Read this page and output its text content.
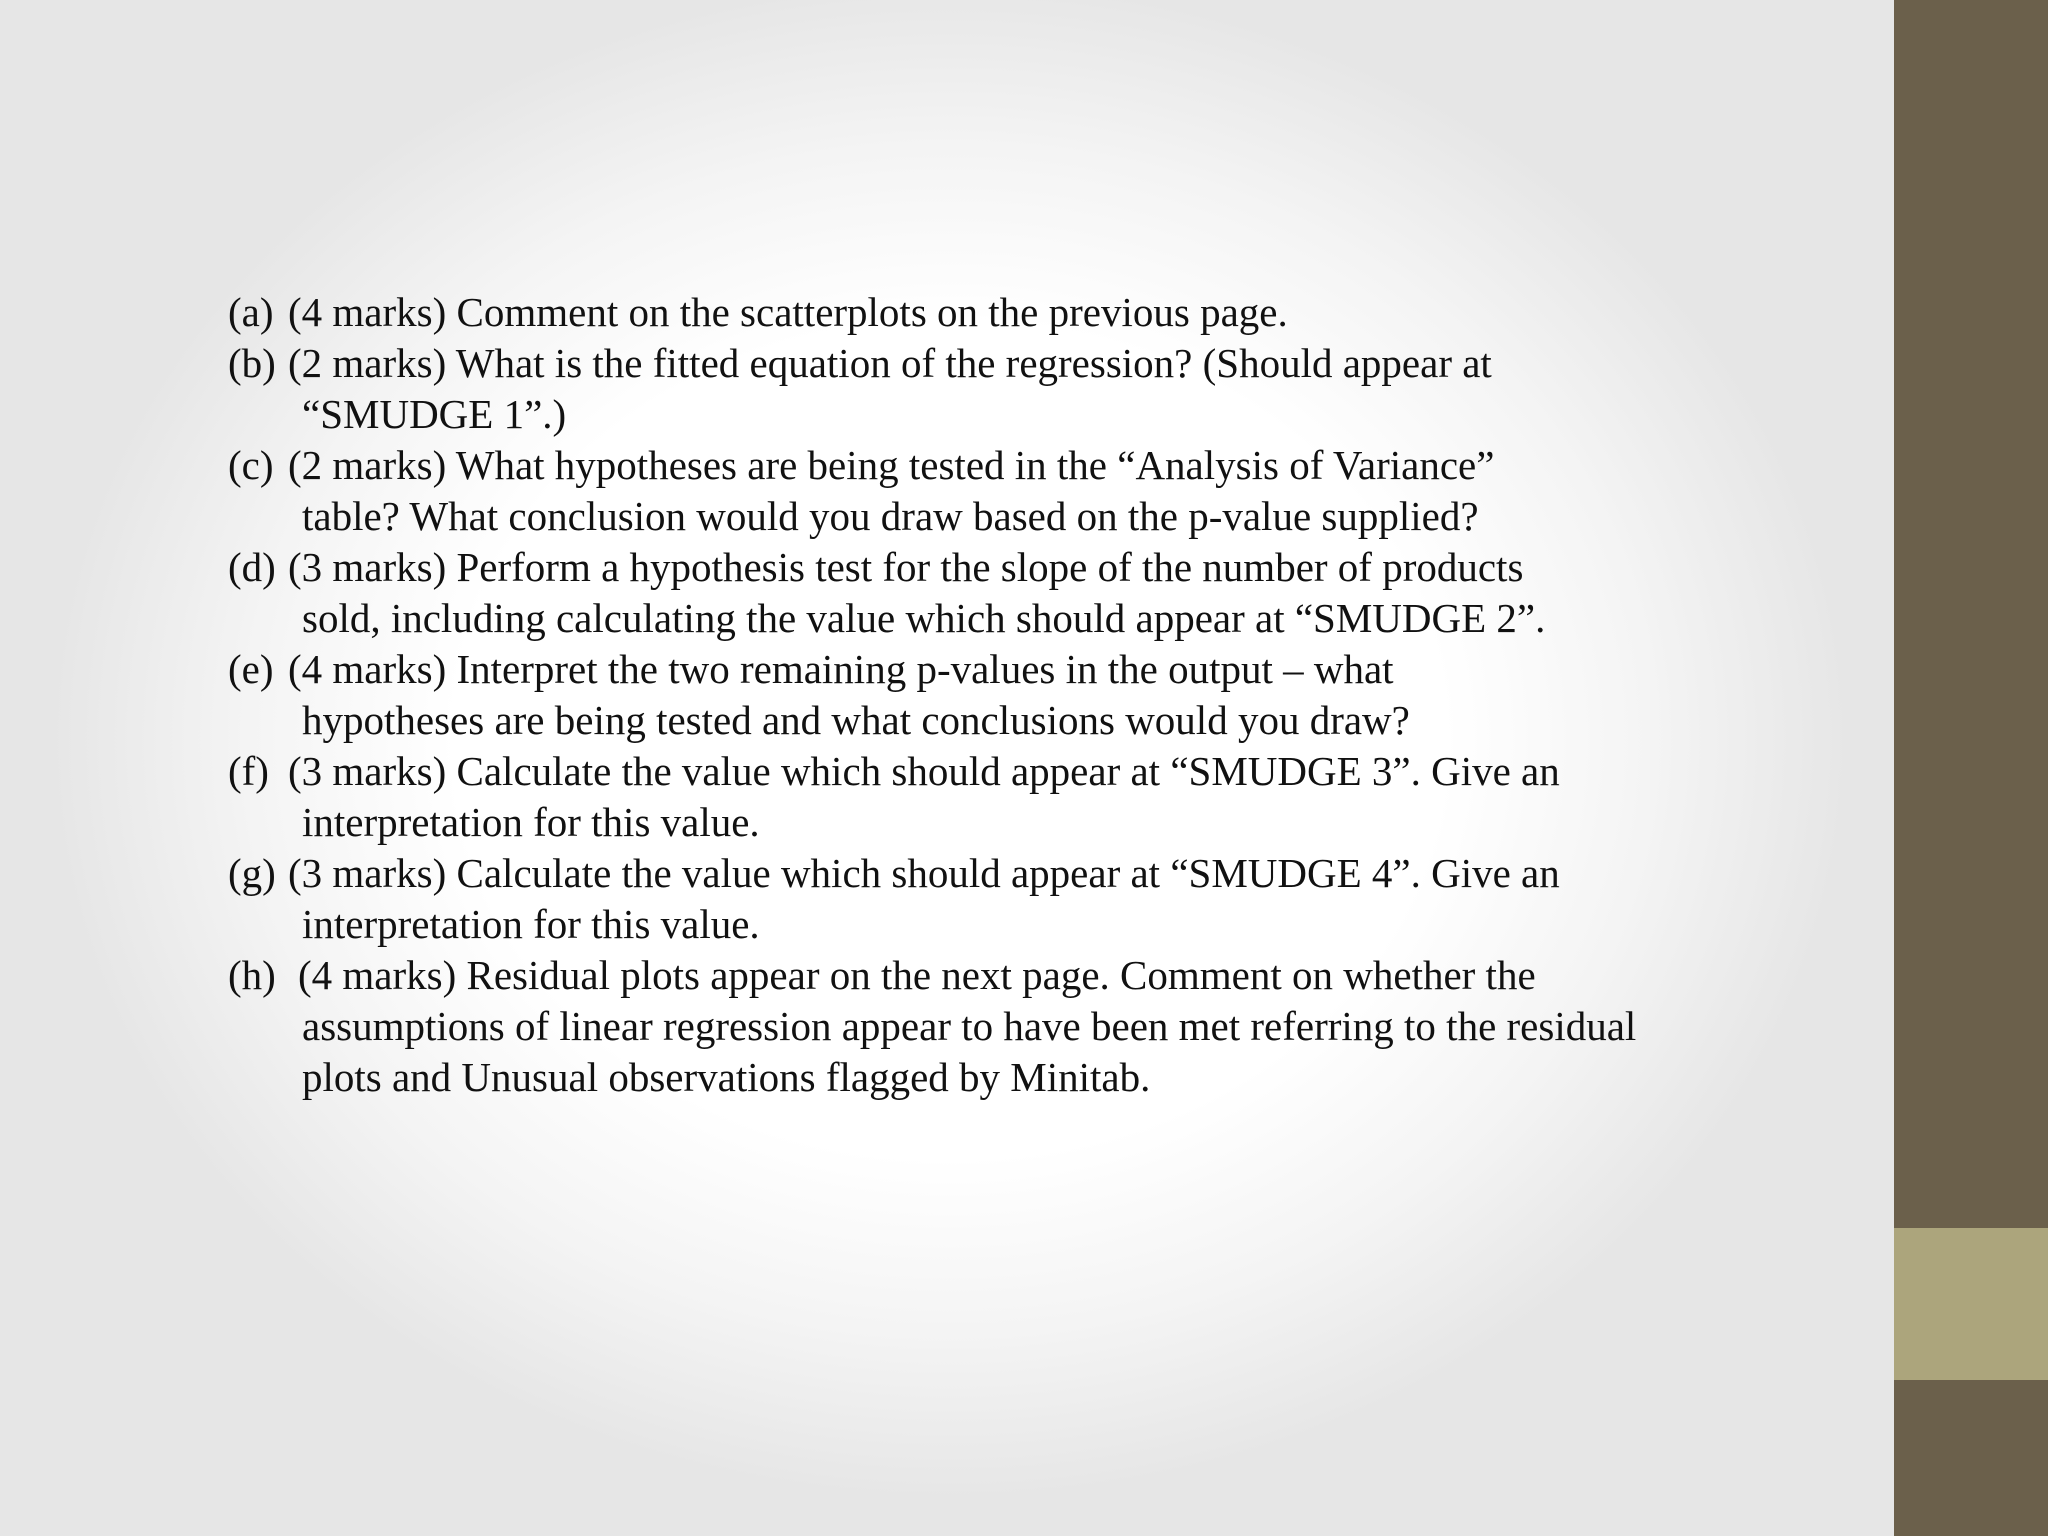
(a) (4 marks) Comment on the scatterplots on the previous page.
(b) (2 marks) What is the fitted equation of the regression? (Should appear at
“SMUDGE 1”.)
(c) (2 marks) What hypotheses are being tested in the “Analysis of Variance”
table? What conclusion would you draw based on the p-value supplied?
(d) (3 marks) Perform a hypothesis test for the slope of the number of products
sold, including calculating the value which should appear at “SMUDGE 2”.
(e) (4 marks) Interpret the two remaining p-values in the output – what
hypotheses are being tested and what conclusions would you draw?
(f) (3 marks) Calculate the value which should appear at “SMUDGE 3”. Give an
interpretation for this value.
(g) (3 marks) Calculate the value which should appear at “SMUDGE 4”. Give an
interpretation for this value.
(h) (4 marks) Residual plots appear on the next page. Comment on whether the
assumptions of linear regression appear to have been met referring to the residual plots and Unusual observations flagged by Minitab.
